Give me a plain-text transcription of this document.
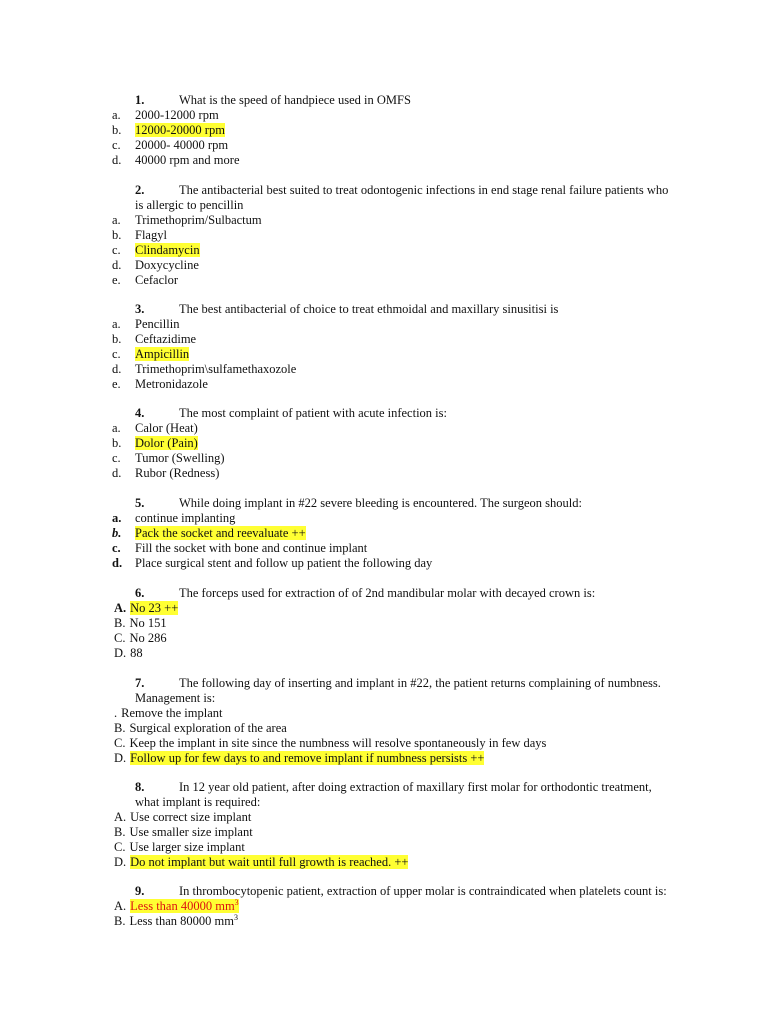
1.	What is the speed of handpiece used in OMFS
a. 2000-12000 rpm
b. 12000-20000 rpm
c. 20000- 40000 rpm
d. 40000 rpm and more
2.	The antibacterial best suited to treat odontogenic infections in end stage renal failure patients who is allergic to pencillin
a. Trimethoprim/Sulbactum
b. Flagyl
c. Clindamycin
d. Doxycycline
e. Cefaclor
3.	The best antibacterial of choice to treat ethmoidal and maxillary sinusitisi is
a. Pencillin
b. Ceftazidime
c. Ampicillin
d. Trimethoprim\sulfamethaxozole
e. Metronidazole
4.	The most complaint of patient with acute infection is:
a. Calor (Heat)
b. Dolor (Pain)
c. Tumor (Swelling)
d. Rubor (Redness)
5.	While doing implant in #22 severe bleeding is encountered. The surgeon should:
a. continue implanting
b. Pack the socket and reevaluate ++
c. Fill the socket with bone and continue implant
d. Place surgical stent and follow up patient the following day
6.	The forceps used for extraction of of 2nd mandibular molar with decayed crown is:
A. No 23 ++
B. No 151
C. No 286
D. 88
7.	The following day of inserting and implant in #22, the patient returns complaining of numbness. Management is:
. Remove the implant
B. Surgical exploration of the area
C. Keep the implant in site since the numbness will resolve spontaneously in few days
D. Follow up for few days to and remove implant if numbness persists ++
8.	In 12 year old patient, after doing extraction of maxillary first molar for orthodontic treatment, what implant is required:
A. Use correct size implant
B. Use smaller size implant
C. Use larger size implant
D. Do not implant but wait until full growth is reached. ++
9.	In thrombocytopenic patient, extraction of upper molar is contraindicated when platelets count is:
A. Less than 40000 $mm^3$
B. Less than 80000 $mm^3$
